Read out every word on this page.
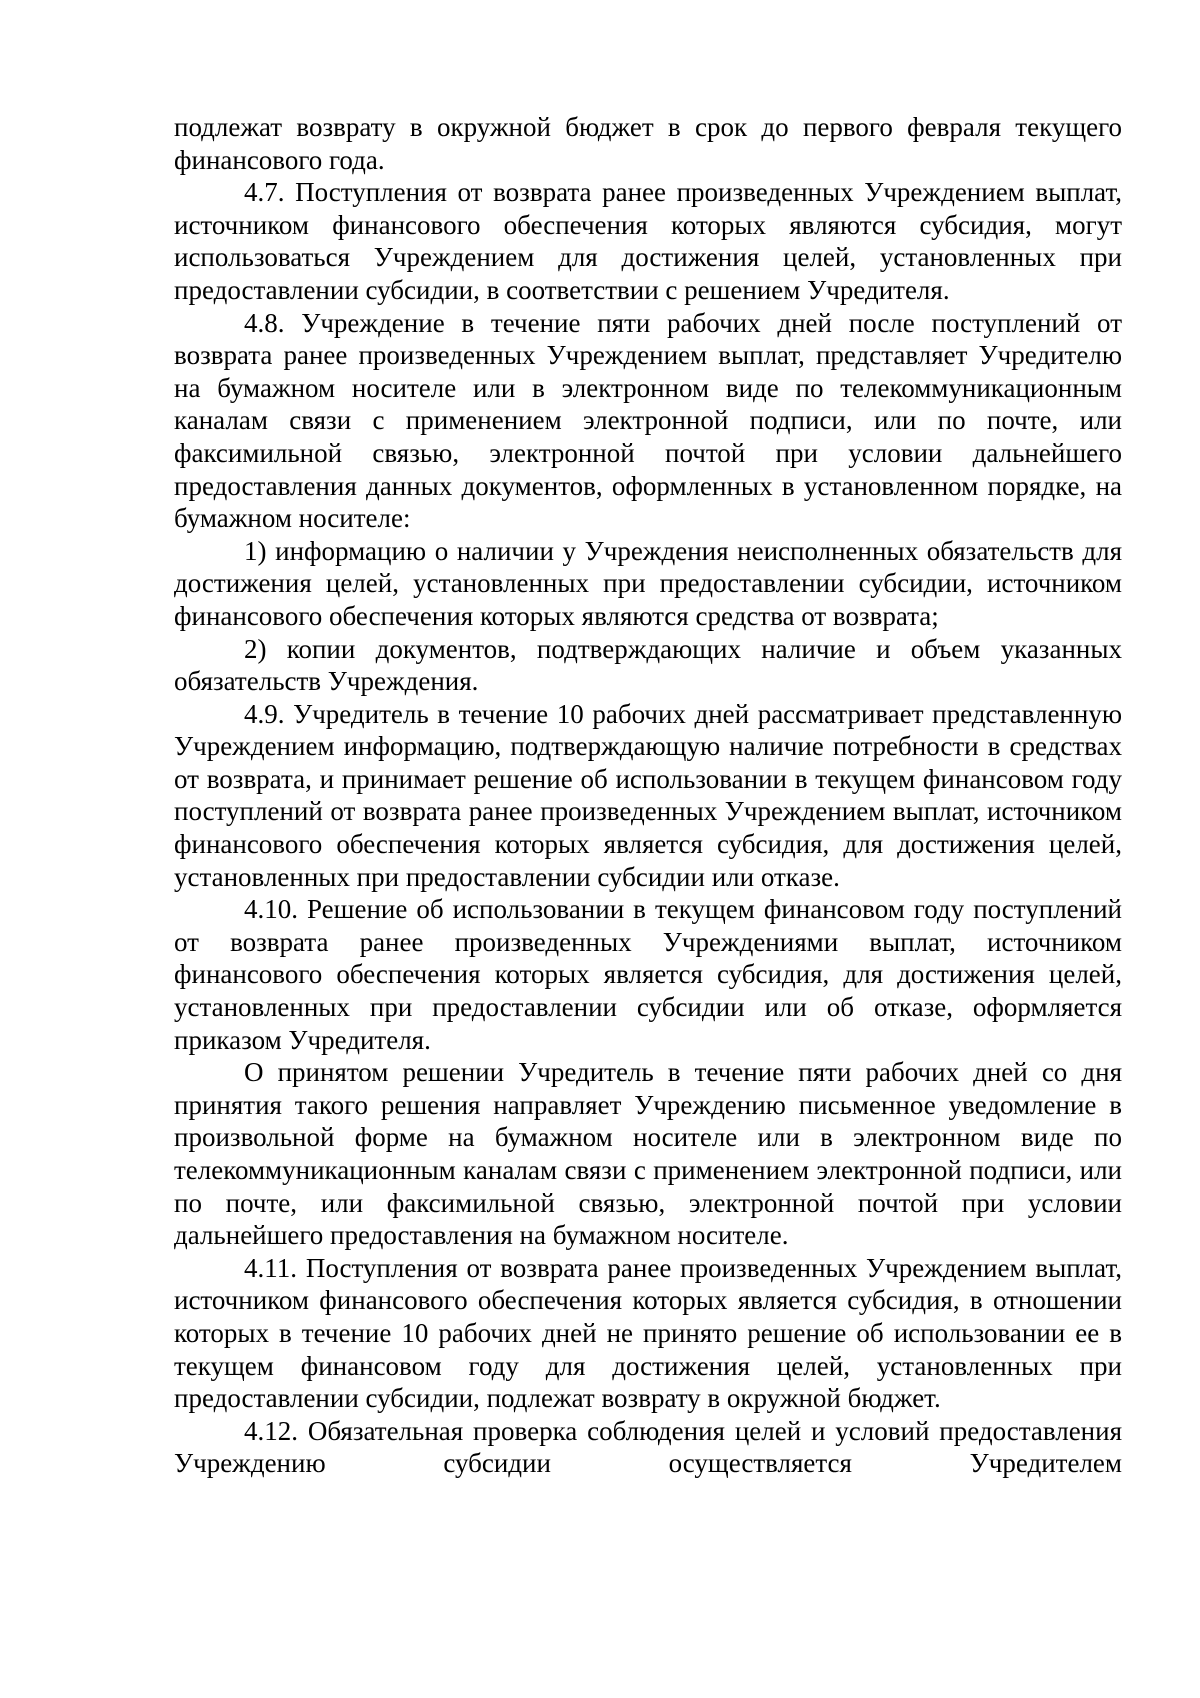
подлежат возврату в окружной бюджет в срок до первого февраля текущего финансового года.

4.7. Поступления от возврата ранее произведенных Учреждением выплат, источником финансового обеспечения которых являются субсидия, могут использоваться Учреждением для достижения целей, установленных при предоставлении субсидии, в соответствии с решением Учредителя.

4.8. Учреждение в течение пяти рабочих дней после поступлений от возврата ранее произведенных Учреждением выплат, представляет Учредителю на бумажном носителе или в электронном виде по телекоммуникационным каналам связи с применением электронной подписи, или по почте, или факсимильной связью, электронной почтой при условии дальнейшего предоставления данных документов, оформленных в установленном порядке, на бумажном носителе:

1) информацию о наличии у Учреждения неисполненных обязательств для достижения целей, установленных при предоставлении субсидии, источником финансового обеспечения которых являются средства от возврата;

2) копии документов, подтверждающих наличие и объем указанных обязательств Учреждения.

4.9. Учредитель в течение 10 рабочих дней рассматривает представленную Учреждением информацию, подтверждающую наличие потребности в средствах от возврата, и принимает решение об использовании в текущем финансовом году поступлений от возврата ранее произведенных Учреждением выплат, источником финансового обеспечения которых является субсидия, для достижения целей, установленных при предоставлении субсидии или отказе.

4.10. Решение об использовании в текущем финансовом году поступлений от возврата ранее произведенных Учреждениями выплат, источником финансового обеспечения которых является субсидия, для достижения целей, установленных при предоставлении субсидии или об отказе, оформляется приказом Учредителя.

О принятом решении Учредитель в течение пяти рабочих дней со дня принятия такого решения направляет Учреждению письменное уведомление в произвольной форме на бумажном носителе или в электронном виде по телекоммуникационным каналам связи с применением электронной подписи, или по почте, или факсимильной связью, электронной почтой при условии дальнейшего предоставления на бумажном носителе.

4.11. Поступления от возврата ранее произведенных Учреждением выплат, источником финансового обеспечения которых является субсидия, в отношении которых в течение 10 рабочих дней не принято решение об использовании ее в текущем финансовом году для достижения целей, установленных при предоставлении субсидии, подлежат возврату в окружной бюджет.

4.12. Обязательная проверка соблюдения целей и условий предоставления Учреждению субсидии осуществляется Учредителем
